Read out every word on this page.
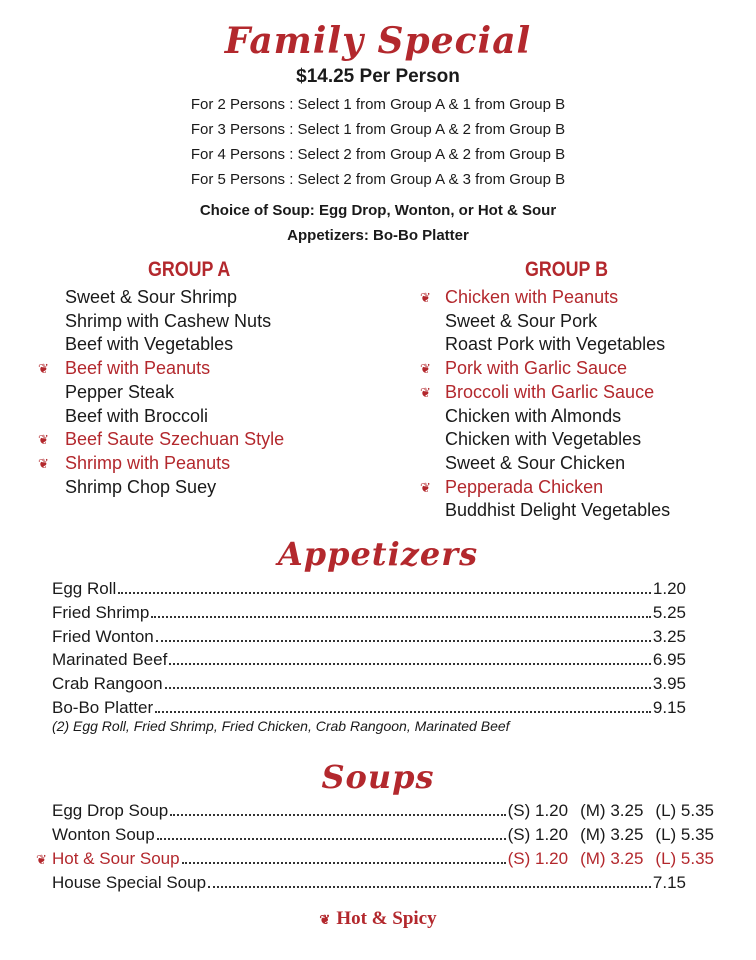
Family Special
$14.25 Per Person
For 2 Persons : Select 1 from Group A & 1 from Group B
For 3 Persons : Select 1 from Group A & 2 from Group B
For 4 Persons : Select 2 from Group A & 2 from Group B
For 5 Persons : Select 2 from Group A & 3 from Group B
Choice of Soup: Egg Drop, Wonton, or Hot & Sour
Appetizers: Bo-Bo Platter
GROUP A	GROUP B
Sweet & Sour Shrimp
Shrimp with Cashew Nuts
Beef with Vegetables
❦ Beef with Peanuts
Pepper Steak
Beef with Broccoli
❦ Beef Saute Szechuan Style
❦ Shrimp with Peanuts
Shrimp Chop Suey
❦ Chicken with Peanuts
Sweet & Sour Pork
Roast Pork with Vegetables
❦ Pork with Garlic Sauce
❦ Broccoli with Garlic Sauce
Chicken with Almonds
Chicken with Vegetables
Sweet & Sour Chicken
❦ Pepperada Chicken
Buddhist Delight Vegetables
Appetizers
Egg Roll	1.20
Fried Shrimp	5.25
Fried Wonton	3.25
Marinated Beef	6.95
Crab Rangoon	3.95
Bo-Bo Platter	9.15
(2) Egg Roll, Fried Shrimp, Fried Chicken, Crab Rangoon, Marinated Beef
Soups
Egg Drop Soup	(S) 1.20 (M) 3.25 (L) 5.35
Wonton Soup	(S) 1.20 (M) 3.25 (L) 5.35
❦ Hot & Sour Soup	(S) 1.20 (M) 3.25 (L) 5.35
House Special Soup	7.15
❦ Hot & Spicy
